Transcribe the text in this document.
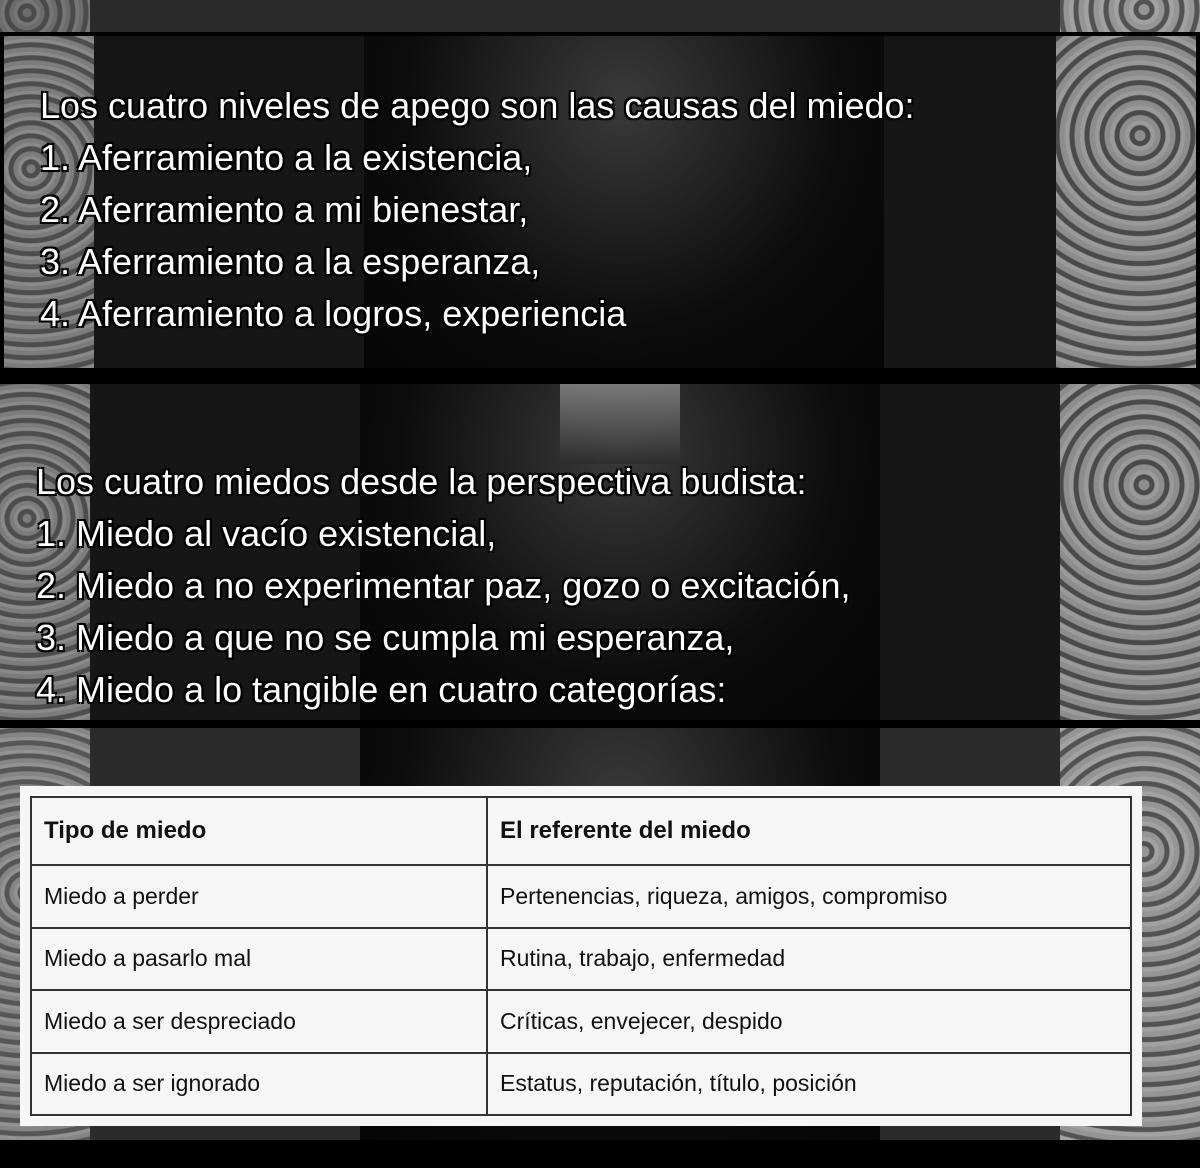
Los cuatro niveles de apego son las causas del miedo:
1. Aferramiento a la existencia,
2. Aferramiento a mi bienestar,
3. Aferramiento a la esperanza,
4. Aferramiento a logros, experiencia
Los cuatro miedos desde la perspectiva budista:
1. Miedo al vacío existencial,
2. Miedo a no experimentar paz, gozo o excitación,
3. Miedo a que no se cumpla mi esperanza,
4. Miedo a lo tangible en cuatro categorías:
Tipo de miedo	El referente del miedo
Miedo a perder	Pertenencias, riqueza, amigos, compromiso
Miedo a pasarlo mal	Rutina, trabajo, enfermedad
Miedo a ser despreciado	Críticas, envejecer, despido
Miedo a ser ignorado	Estatus, reputación, título, posición
